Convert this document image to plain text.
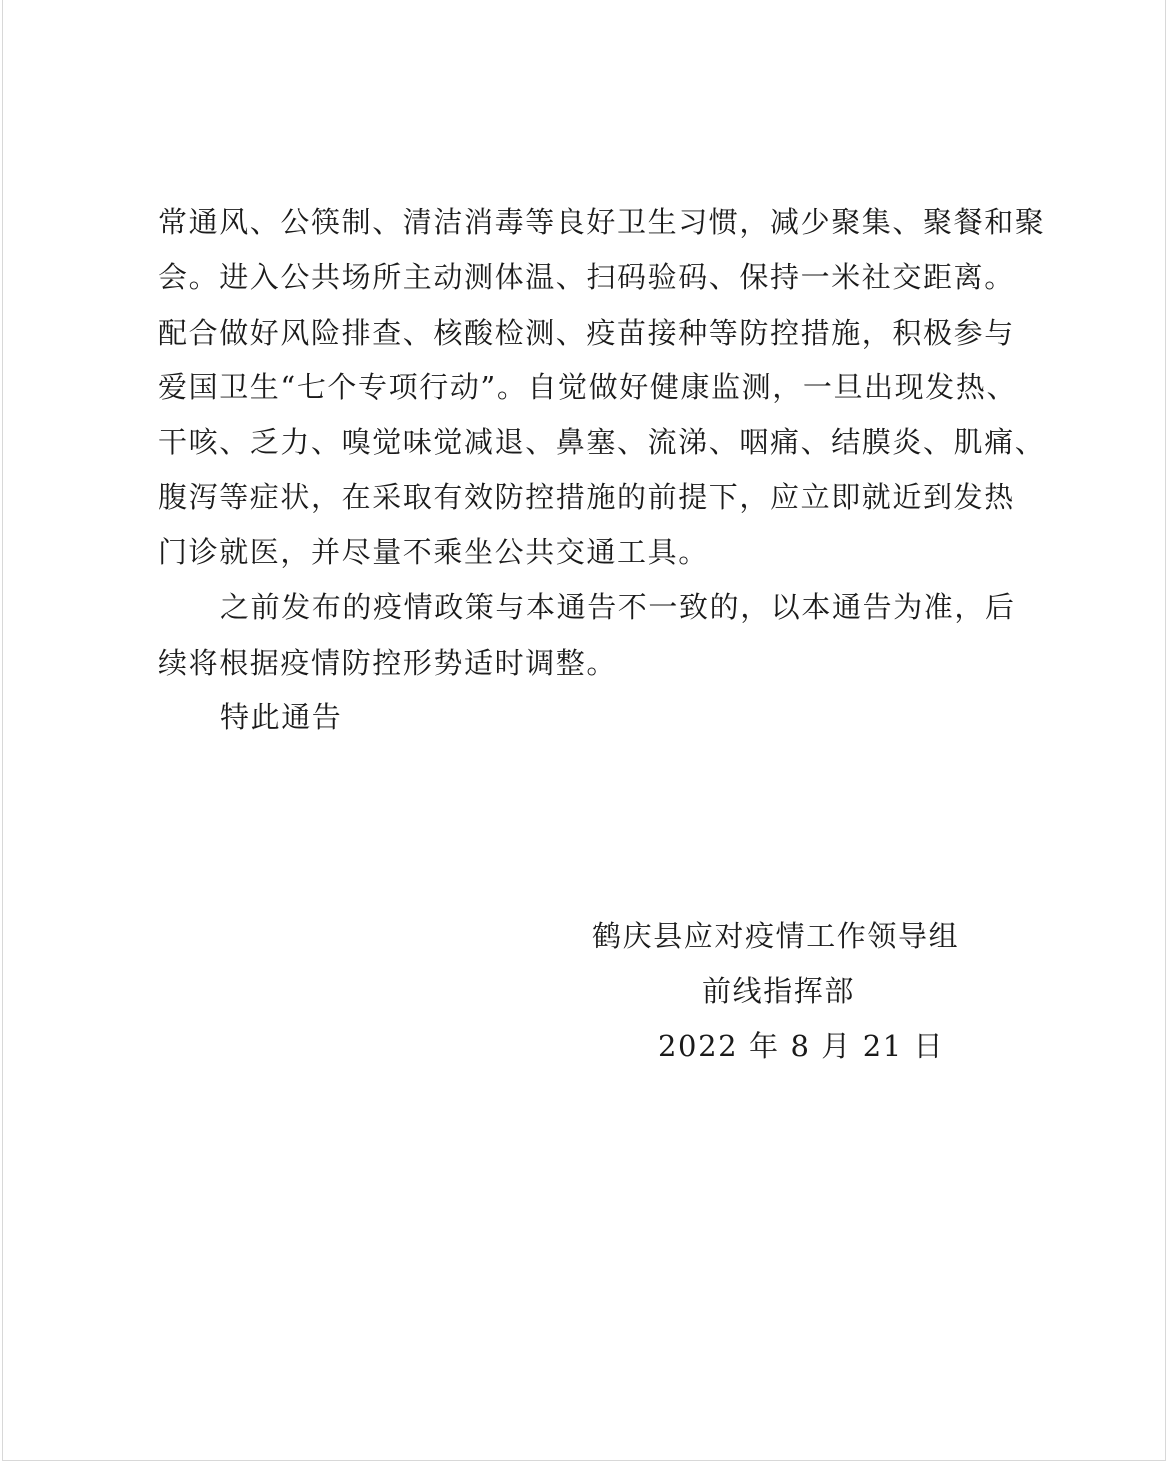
常通风、公筷制、清洁消毒等良好卫生习惯，减少聚集、聚餐和聚
会。进入公共场所主动测体温、扫码验码、保持一米社交距离。
配合做好风险排查、核酸检测、疫苗接种等防控措施，积极参与
爱国卫生“七个专项行动”。自觉做好健康监测，一旦出现发热、
干咳、乏力、嗅觉味觉减退、鼻塞、流涕、咽痛、结膜炎、肌痛、
腹泻等症状，在采取有效防控措施的前提下，应立即就近到发热
门诊就医，并尽量不乘坐公共交通工具。
之前发布的疫情政策与本通告不一致的，以本通告为准，后
续将根据疫情防控形势适时调整。
特此通告
鹤庆县应对疫情工作领导组
前线指挥部
2022 年 8 月 21 日
